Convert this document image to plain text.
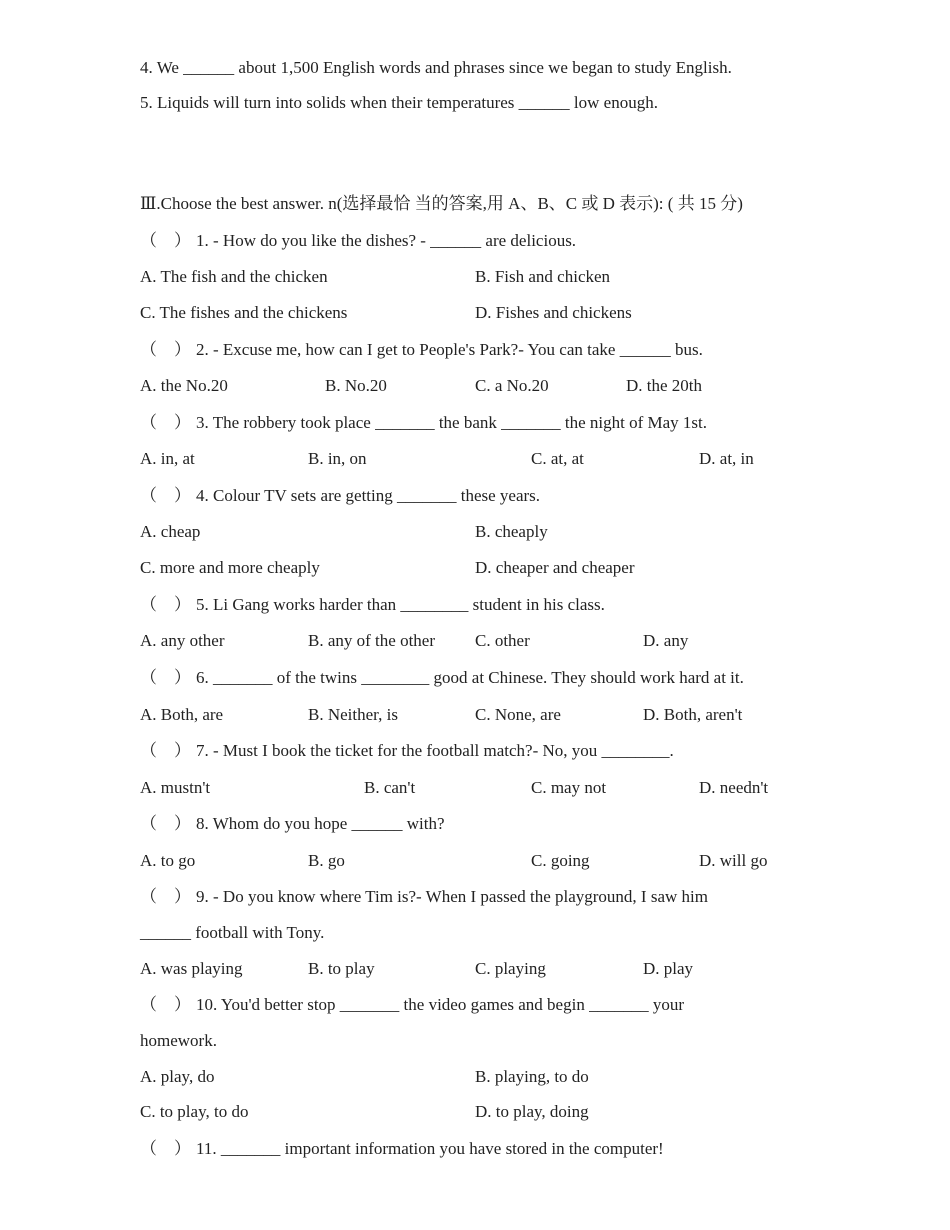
4. We ______ about 1,500 English words and phrases since we began to study English.
5. Liquids will turn into solids when their temperatures ______ low enough.
Ⅲ.Choose the best answer. n(选择最恰 当的答案,用 A、B、C 或 D 表示): ( 共 15 分)
（　） 1. - How do you like the dishes? - ______ are delicious.
A. The fish and the chicken	B. Fish and chicken
C. The fishes and the chickens	D. Fishes and chickens
（　） 2. - Excuse me, how can I get to People's Park?- You can take ______ bus.
A. the No.20	B. No.20	C. a No.20	D. the 20th
（　） 3. The robbery took place _______ the bank _______ the night of May 1st.
A. in, at	B. in, on	C. at, at	D. at, in
（　） 4. Colour TV sets are getting _______ these years.
A. cheap	B. cheaply
C. more and more cheaply	D. cheaper and cheaper
（　） 5. Li Gang works harder than ________ student in his class.
A. any other	B. any of the other C. other	D. any
（　） 6. _______ of the twins ________ good at Chinese. They should work hard at it.
A. Both, are	B. Neither, is	C. None, are	D. Both, aren't
（　） 7. - Must I book the ticket for the football match?- No, you ________.
A. mustn't	B. can't	C. may not	D. needn't
（　） 8. Whom do you hope ______ with?
A. to go	B. go	C. going	D. will go
（　） 9. - Do you know where Tim is?- When I passed the playground, I saw him
______ football with Tony.
A. was playing	B. to play	C. playing	D. play
（　） 10. You'd better stop _______ the video games and begin _______ your
homework.
A. play, do	B. playing, to do
C. to play, to do	D. to play, doing
（　） 11. _______ important information you have stored in the computer!
